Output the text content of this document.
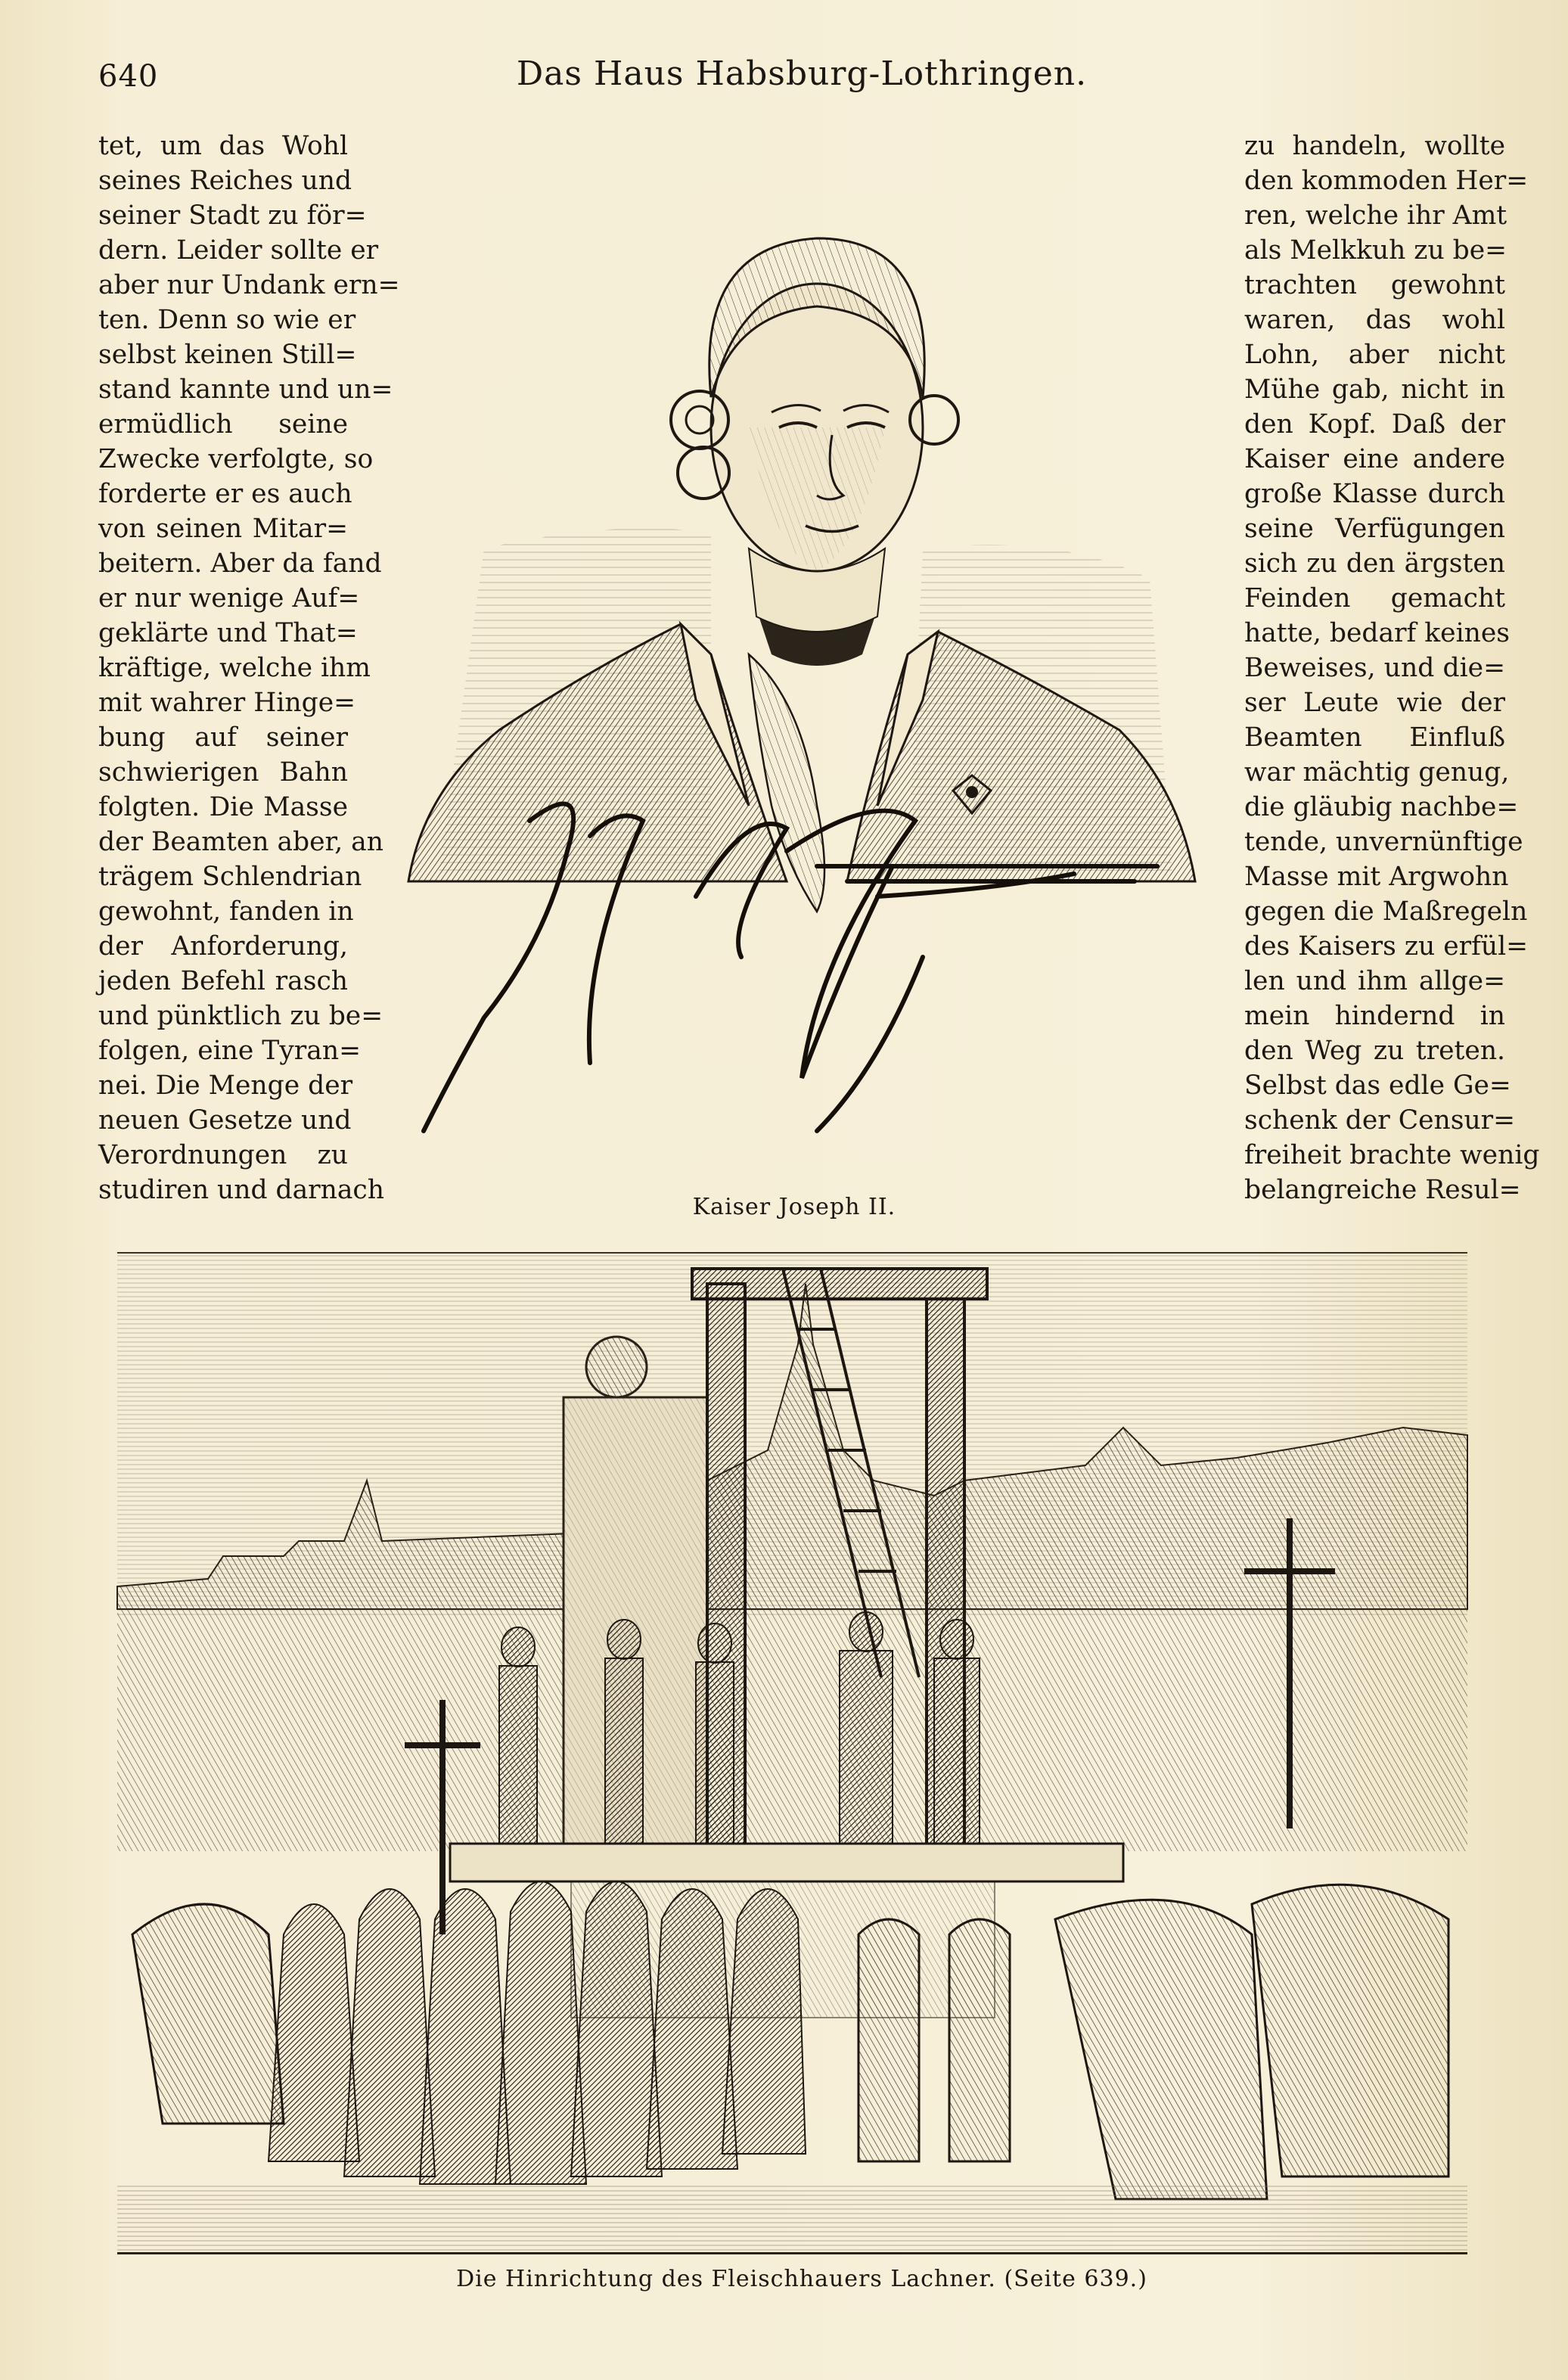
640	Das Haus Habsburg-Lothringen.
tet, um das Wohl
seines Reiches und
seiner Stadt zu för=
dern. Leider sollte er
aber nur Undank ern=
ten. Denn so wie er
selbst keinen Still=
stand kannte und un=
ermüdlich seine
Zwecke verfolgte, so
forderte er es auch
von seinen Mitar=
beitern. Aber da fand
er nur wenige Auf=
geklärte und That=
kräftige, welche ihm
mit wahrer Hinge=
bung auf seiner
schwierigen Bahn
folgten. Die Masse
der Beamten aber, an
trägem Schlendrian
gewohnt, fanden in
der Anforderung,
jeden Befehl rasch
und pünktlich zu be=
folgen, eine Tyran=
nei. Die Menge der
neuen Gesetze und
Verordnungen zu
studiren und darnach
zu handeln, wollte
den kommoden Her=
ren, welche ihr Amt
als Melkkuh zu be=
trachten gewohnt
waren, das wohl
Lohn, aber nicht
Mühe gab, nicht in
den Kopf. Daß der
Kaiser eine andere
große Klasse durch
seine Verfügungen
sich zu den ärgsten
Feinden gemacht
hatte, bedarf keines
Beweises, und die=
ser Leute wie der
Beamten Einfluß
war mächtig genug,
die gläubig nachbe=
tende, unvernünftige
Masse mit Argwohn
gegen die Maßregeln
des Kaisers zu erfül=
len und ihm allge=
mein hindernd in
den Weg zu treten.
Selbst das edle Ge=
schenk der Censur=
freiheit brachte wenig
belangreiche Resul=
Kaiser Joseph II.
Die Hinrichtung des Fleischhauers Lachner. (Seite 639.)
